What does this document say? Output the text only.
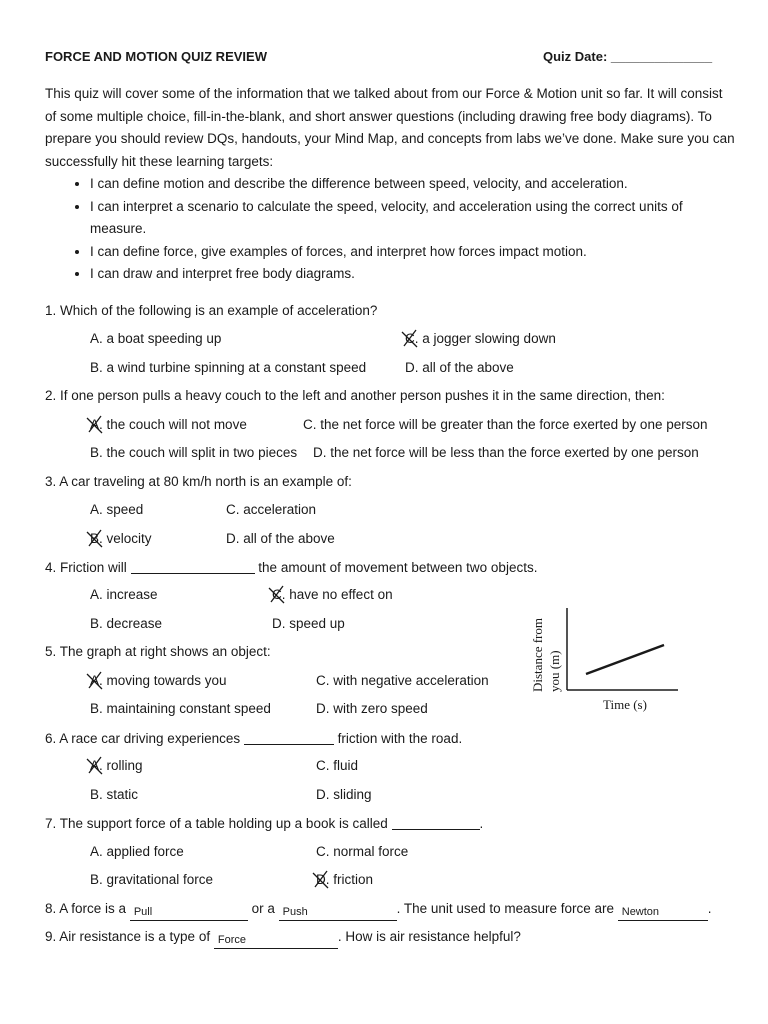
FORCE AND MOTION QUIZ REVIEW	Quiz Date: ______________

This quiz will cover some of the information that we talked about from our Force & Motion unit so far. It will consist of some multiple choice, fill-in-the-blank, and short answer questions (including drawing free body diagrams). To prepare you should review DQs, handouts, your Mind Map, and concepts from labs we’ve done. Make sure you can successfully hit these learning targets:

• I can define motion and describe the difference between speed, velocity, and acceleration.
• I can interpret a scenario to calculate the speed, velocity, and acceleration using the correct units of measure.
• I can define force, give examples of forces, and interpret how forces impact motion.
• I can draw and interpret free body diagrams.
1. Which of the following is an example of acceleration?
A. a boat speeding up	C. a jogger slowing down
B. a wind turbine spinning at a constant speed	D. all of the above
2. If one person pulls a heavy couch to the left and another person pushes it in the same direction, then:
A. the couch will not move	C. the net force will be greater than the force exerted by one person
B. the couch will split in two pieces D. the net force will be less than the force exerted by one person
3. A car traveling at 80 km/h north is an example of:
A. speed	C. acceleration
B. velocity	D. all of the above
4. Friction will	the amount of movement between two objects.
A. increase	C. have no effect on
B. decrease	D. speed up
5. The graph at right shows an object:
A. moving towards you	C. with negative acceleration
B. maintaining constant speed	D. with zero speed
Distance from you (m)
Time (s)
6. A race car driving experiences	friction with the road.
A. rolling	C. fluid
B. static	D. sliding
7. The support force of a table holding up a book is called	.
A. applied force	C. normal force
B. gravitational force	D. friction
8. A force is a Pull	or a Push	. The unit used to measure force are Newton	.
9. Air resistance is a type of Force	. How is air resistance helpful?
